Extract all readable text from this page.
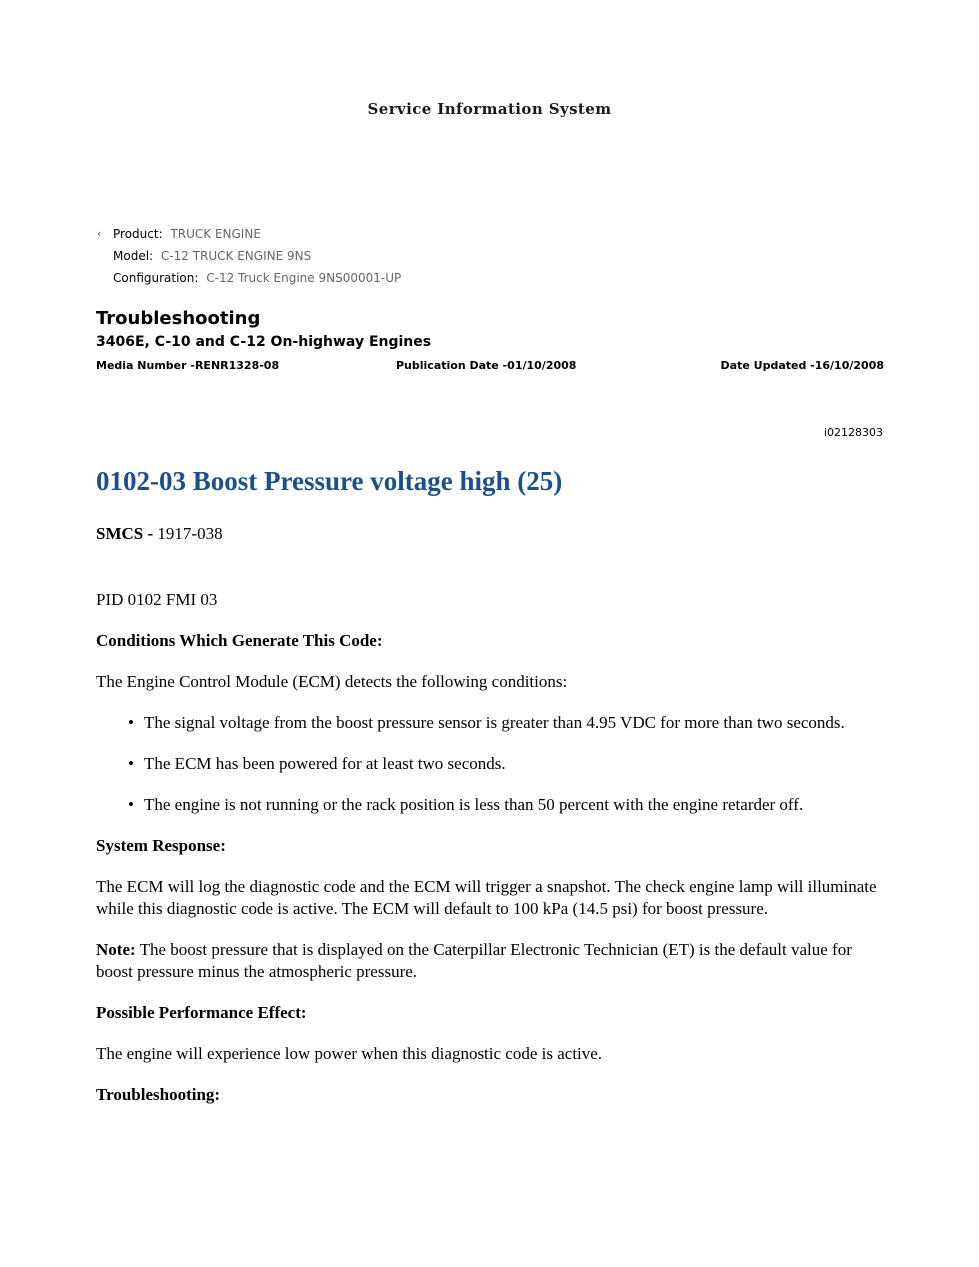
Service Information System
‹ Product: TRUCK ENGINE
Model: C-12 TRUCK ENGINE 9NS
Configuration: C-12 Truck Engine 9NS00001-UP
Troubleshooting
3406E, C-10 and C-12 On-highway Engines
Media Number -RENR1328-08	Publication Date -01/10/2008	Date Updated -16/10/2008
i02128303
0102-03 Boost Pressure voltage high (25)

SMCS - 1917-038

PID 0102 FMI 03

Conditions Which Generate This Code:

The Engine Control Module (ECM) detects the following conditions:

• The signal voltage from the boost pressure sensor is greater than 4.95 VDC for more than two seconds.
• The ECM has been powered for at least two seconds.
• The engine is not running or the rack position is less than 50 percent with the engine retarder off.

System Response:

The ECM will log the diagnostic code and the ECM will trigger a snapshot. The check engine lamp will illuminate while this diagnostic code is active. The ECM will default to 100 kPa (14.5 psi) for boost pressure.

Note: The boost pressure that is displayed on the Caterpillar Electronic Technician (ET) is the default value for boost pressure minus the atmospheric pressure.

Possible Performance Effect:

The engine will experience low power when this diagnostic code is active.

Troubleshooting:
